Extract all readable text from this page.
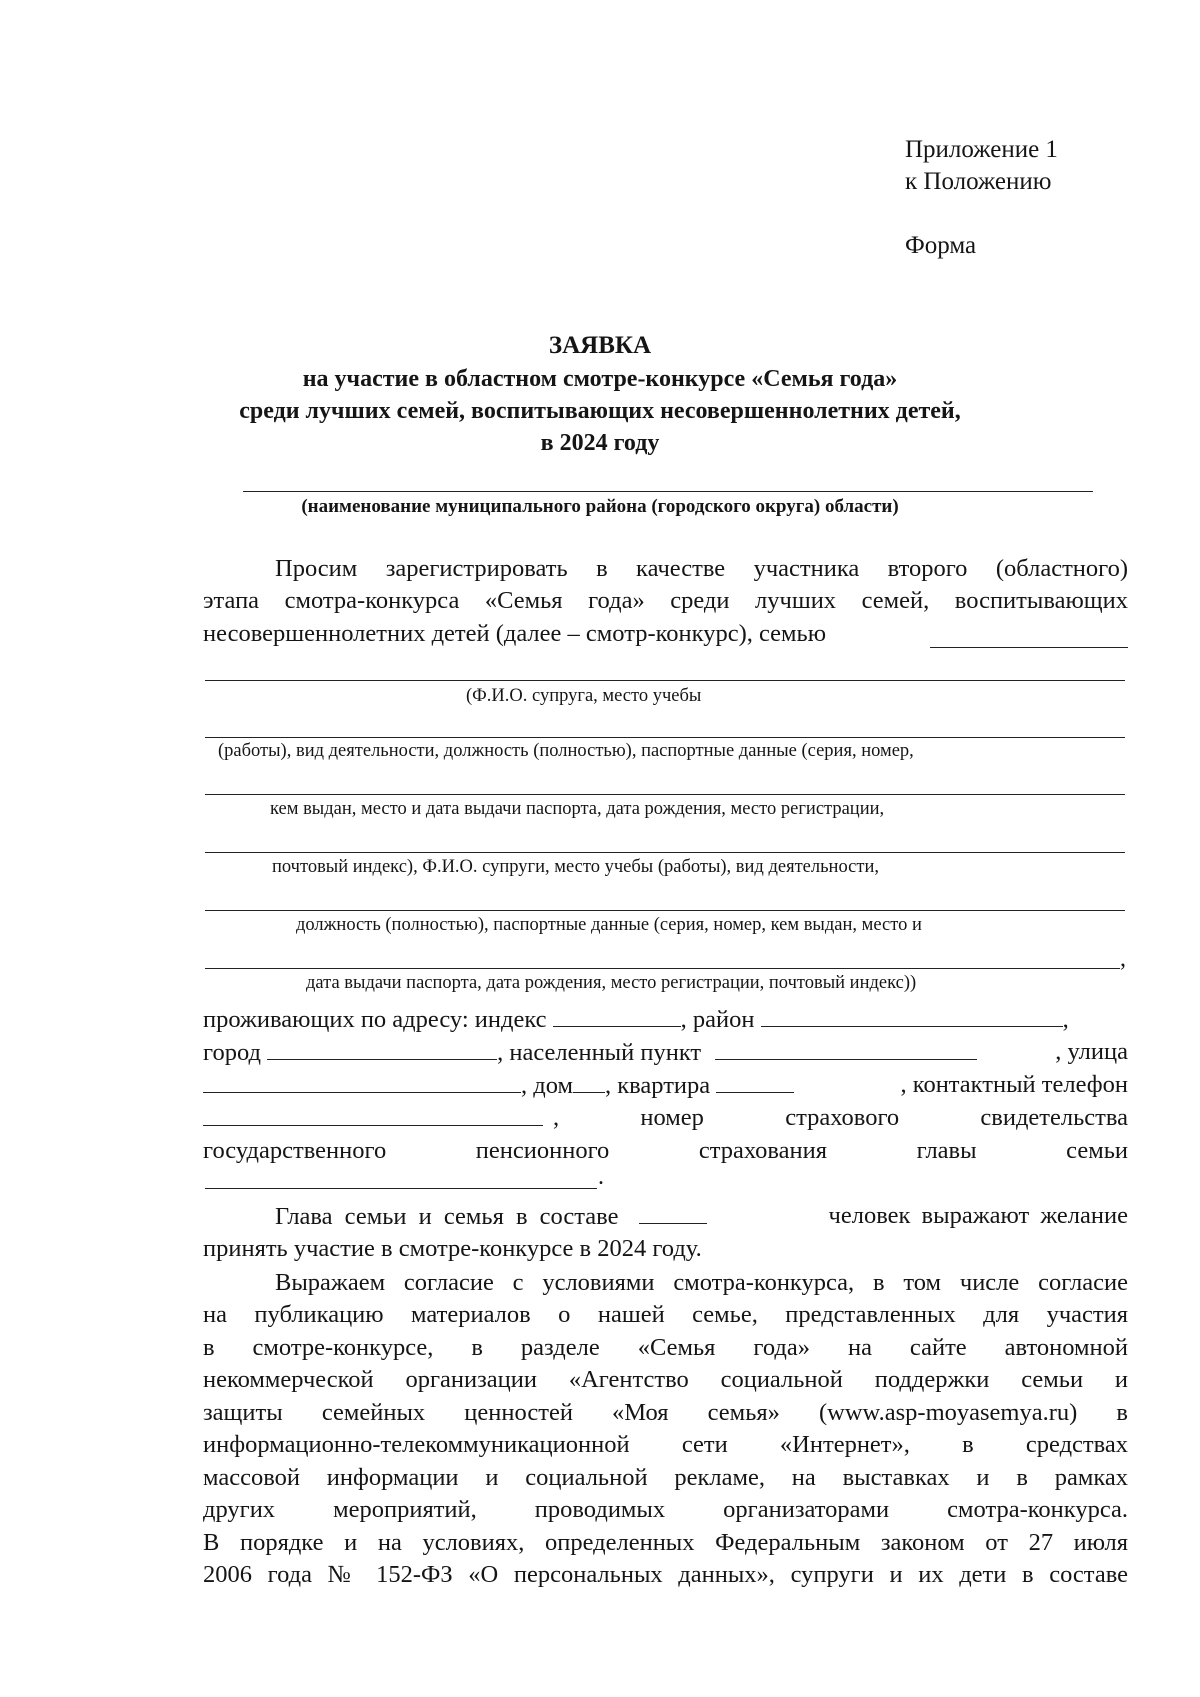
Приложение 1
к Положению
Форма
ЗАЯВКА
на участие в областном смотре-конкурсе «Семья года»
среди лучших семей, воспитывающих несовершеннолетних детей,
в 2024 году
(наименование муниципального района (городского округа) области)
Просим зарегистрировать в качестве участника второго (областного)
этапа смотра-конкурса «Семья года» среди лучших семей, воспитывающих
несовершеннолетних детей (далее – смотр-конкурс), семью
(Ф.И.О. супруга, место учебы
(работы), вид деятельности, должность (полностью), паспортные данные (серия, номер,
кем выдан, место и дата выдачи паспорта, дата рождения, место регистрации,
почтовый индекс), Ф.И.О. супруги, место учебы (работы), вид деятельности,
должность (полностью), паспортные данные (серия, номер, кем выдан, место и
,
дата выдачи паспорта, дата рождения, место регистрации, почтовый индекс))
проживающих по адресу: индекс	, район	,
город	, населенный пункт	, улица
, дом , квартира	, контактный телефон
, номер страхового свидетельства
государственного пенсионного страхования главы семьи
.
Глава семьи и семья в составе	человек выражают желание
принять участие в смотре-конкурсе в 2024 году.
Выражаем согласие с условиями смотра-конкурса, в том числе согласие
на публикацию материалов о нашей семье, представленных для участия
в смотре-конкурсе, в разделе «Семья года» на сайте автономной
некоммерческой организации «Агентство социальной поддержки семьи и
защиты семейных ценностей «Моя семья» (www.asp-moyasemya.ru) в
информационно-телекоммуникационной сети «Интернет», в средствах
массовой информации и социальной рекламе, на выставках и в рамках
других мероприятий, проводимых организаторами смотра-конкурса.
В порядке и на условиях, определенных Федеральным законом от 27 июля
2006 года № 152-ФЗ «О персональных данных», супруги и их дети в составе
